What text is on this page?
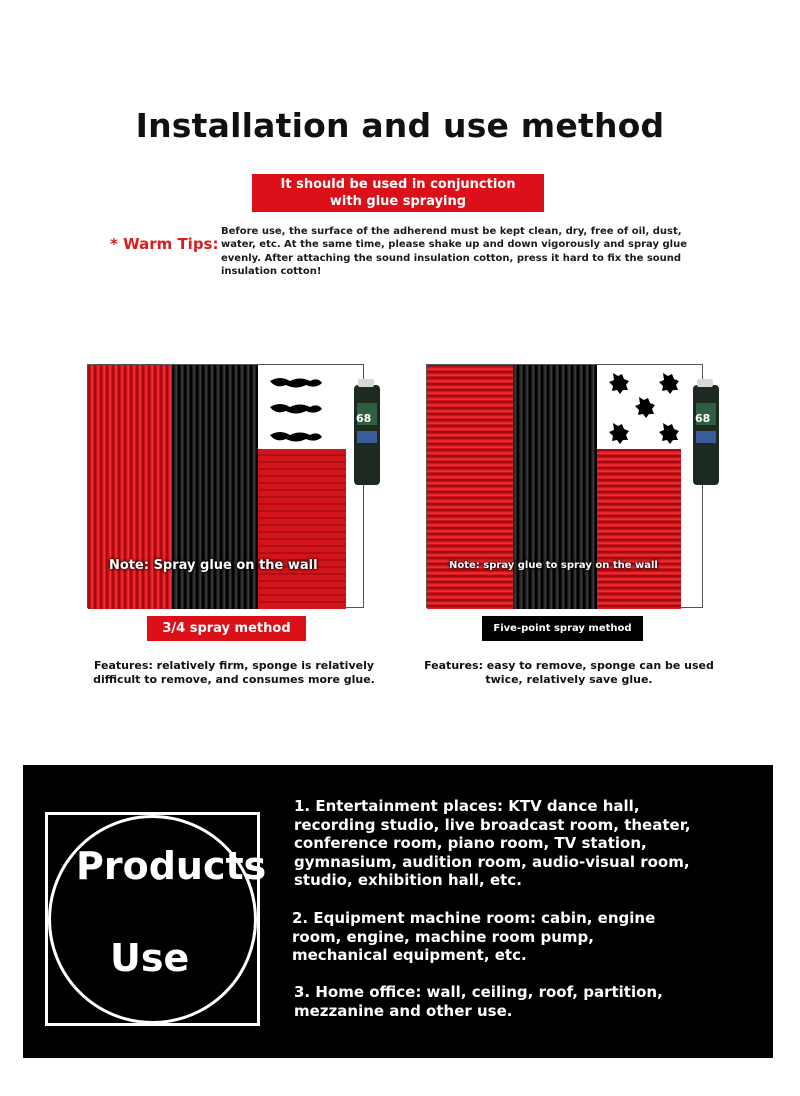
Installation and use method
It should be used in conjunction with glue spraying
* Warm Tips:
Before use, the surface of the adherend must be kept clean, dry, free of oil, dust, water, etc. At the same time, please shake up and down vigorously and spray glue evenly. After attaching the sound insulation cotton, press it hard to fix the sound insulation cotton!
68
Note: Spray glue on the wall
68
Note: spray glue to spray on the wall
3/4 spray method	Five-point spray method
Features: relatively firm, sponge is relatively difficult to remove, and consumes more glue.
Features: easy to remove, sponge can be used twice, relatively save glue.
Products
Use
1. Entertainment places: KTV dance hall, recording studio, live broadcast room, theater, conference room, piano room, TV station, gymnasium, audition room, audio-visual room, studio, exhibition hall, etc.
2. Equipment machine room: cabin, engine room, engine, machine room pump, mechanical equipment, etc.
3. Home office: wall, ceiling, roof, partition, mezzanine and other use.
